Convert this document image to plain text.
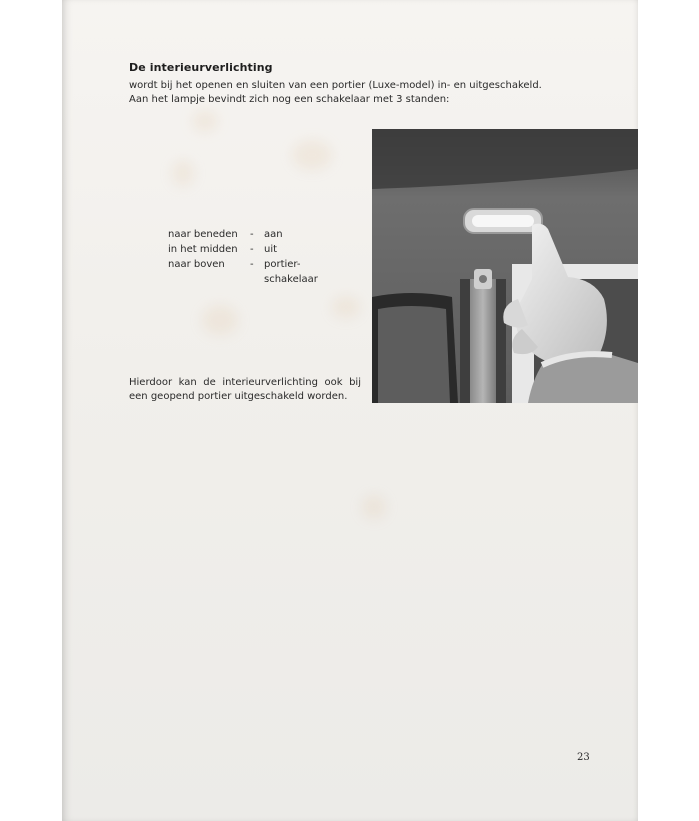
De interieurverlichting

wordt bij het openen en sluiten van een portier (Luxe-model) in- en uitgeschakeld.

Aan het lampje bevindt zich nog een schakelaar met 3 standen:

naar beneden	-	aan
in het midden	-	uit
naar boven	-	portier-
schakelaar

Hierdoor kan de interieurverlichting ook bij een geopend portier uitgeschakeld worden.

23
